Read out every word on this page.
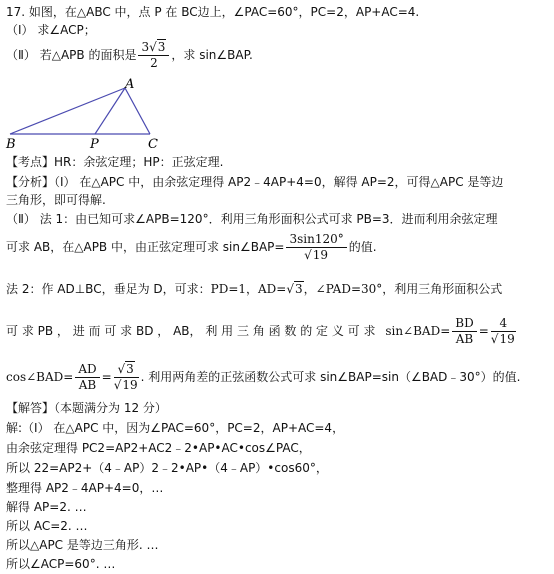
17. 如图，在△ABC 中，点 P 在 BC边上，∠PAC=60°，PC=2，AP+AC=4.
（Ⅰ） 求∠ACP；
（Ⅱ） 若△APB 的面积是 $\frac{3√3}{2}$ ，求 sin∠BAP.
A
B	P	C
【考点】HR：余弦定理；HP：正弦定理.
【分析】（Ⅰ） 在△APC 中，由余弦定理得 AP2﹣4AP+4=0，解得 AP=2，可得△APC 是等边
三角形，即可得解.
（Ⅱ） 法 1：由已知可求∠APB=120°．利用三角形面积公式可求 PB=3．进而利用余弦定理
可求 AB，在△APB 中，由正弦定理可求 sin∠BAP= $\frac{3\sin 120^\circ}{√19}$ 的值.
法 2：作 AD⊥BC，垂足为 D，可求：PD=1，AD=√3，∠PAD=30°，利用三角形面积公式
可 求 PB ， 进 而 可 求 BD ， AB， 利 用 三 角 函 数 的 定 义 可 求 sin∠BAD= $\frac{BD}{AB} = \frac{4}{√19}$
cos∠BAD= $\frac{AD}{AB} = \frac{√3}{√19}$ . 利用两角差的正弦函数公式可求 sin∠BAP=sin（∠BAD﹣30°）的值.
【解答】（本题满分为 12 分）
解:（Ⅰ） 在△APC 中，因为∠PAC=60°，PC=2，AP+AC=4，
由余弦定理得 PC2=AP2+AC2﹣2•AP•AC•cos∠PAC，
所以 22=AP2+（4﹣AP）2﹣2•AP•（4﹣AP）•cos60°，
整理得 AP2﹣4AP+4=0，…
解得 AP=2. …
所以 AC=2. …
所以△APC 是等边三角形. …
所以∠ACP=60°. …
